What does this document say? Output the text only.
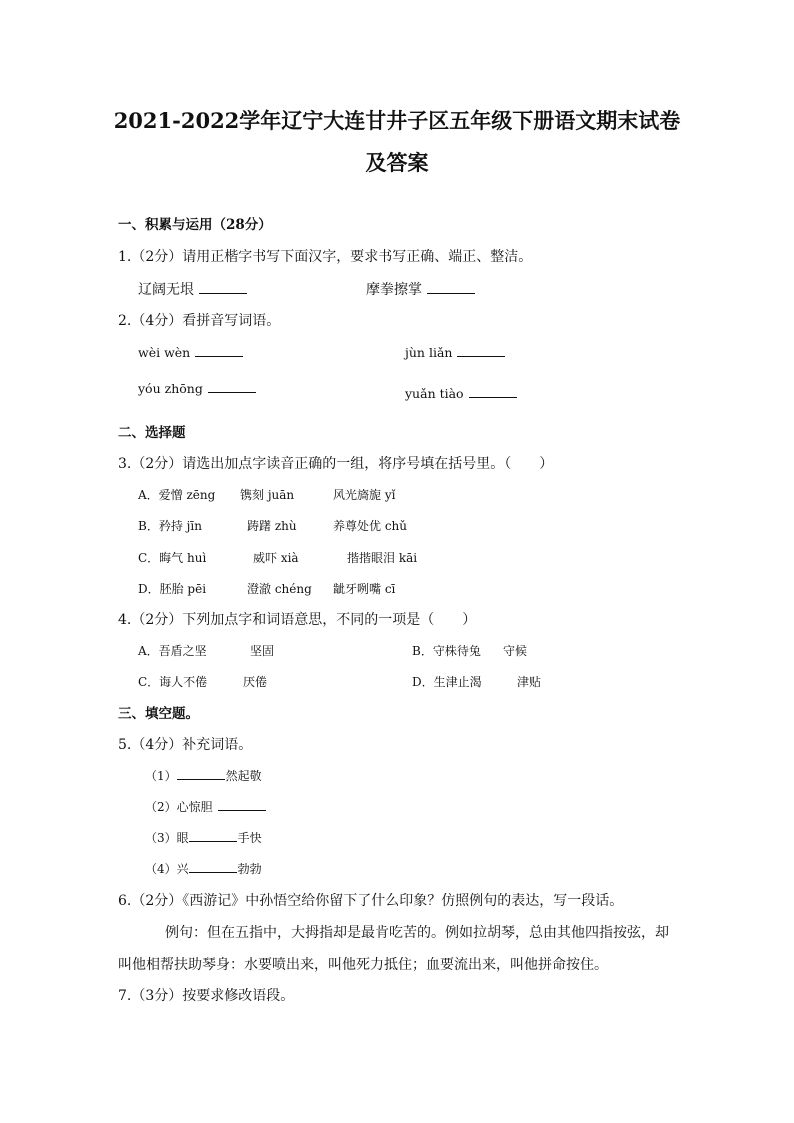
2021-2022学年辽宁大连甘井子区五年级下册语文期末试卷
及答案
一、积累与运用（28分）
1.（2分）请用正楷字书写下面汉字，要求书写正确、端正、整洁。
辽阔无垠	摩拳擦掌
2.（4分）看拼音写词语。
wèi wèn	jùn liǎn
yóu zhōng	yuǎn tiào
二、选择题
3.（2分）请选出加点字读音正确的一组，将序号填在括号里。（　　）
A．爱憎 zēng 镌刻 juān	风光旖旎 yǐ
B．矜持 jīn	踌躇 zhù	养尊处优 chǔ
C．晦气 huì	威吓 xià	揩揩眼泪 kāi
D．胚胎 pēi	澄澈 chéng 龇牙咧嘴 cī
4.（2分）下列加点字和词语意思，不同的一项是（　　）
A．吾盾之坚	坚固	B．守株待兔 守候
C．诲人不倦	厌倦	D．生津止渴	津贴
三、填空题。
5.（4分）补充词语。
（1）	然起敬
（2）心惊胆
（3）眼	手快
（4）兴	勃勃
6.（2分）《西游记》中孙悟空给你留下了什么印象？仿照例句的表达，写一段话。
例句：但在五指中，大拇指却是最肯吃苦的。例如拉胡琴，总由其他四指按弦，却
叫他相帮扶助琴身：水要喷出来，叫他死力抵住；血要流出来，叫他拼命按住。
7.（3分）按要求修改语段。
